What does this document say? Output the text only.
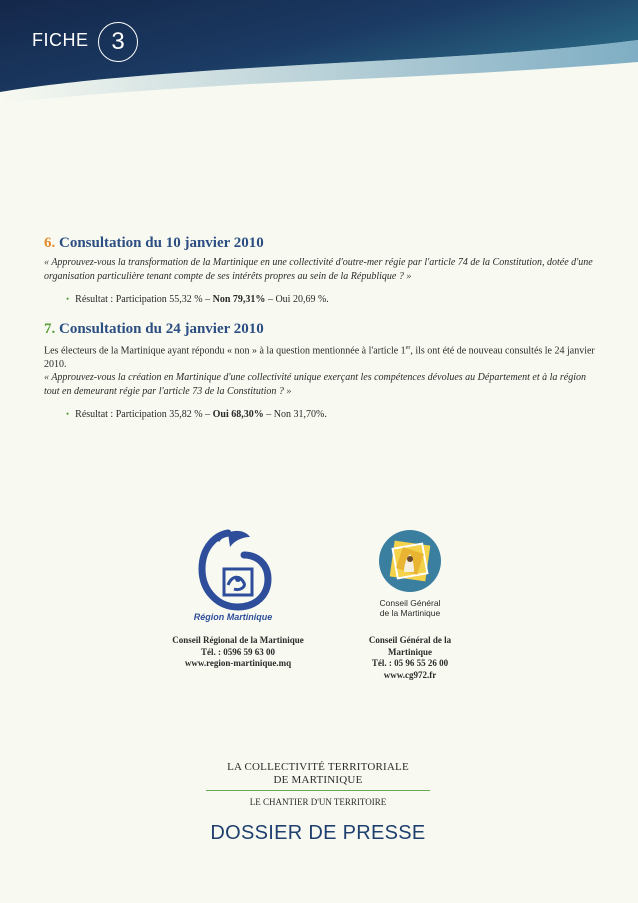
FICHE 3
6. Consultation du 10 janvier 2010

« Approuvez-vous la transformation de la Martinique en une collectivité d'outre-mer régie par l'article 74 de la Constitution, dotée d'une organisation particulière tenant compte de ses intérêts propres au sein de la République ? »

• Résultat : Participation 55,32 % – Non 79,31% – Oui 20,69 %.
7. Consultation du 24 janvier 2010

Les électeurs de la Martinique ayant répondu « non » à la question mentionnée à l'article 1er, ils ont été de nouveau consultés le 24 janvier 2010.

« Approuvez-vous la création en Martinique d'une collectivité unique exerçant les compétences dévolues au Département et à la région tout en demeurant régie par l'article 73 de la Constitution ? »

• Résultat : Participation 35,82 % – Oui 68,30% – Non 31,70%.
Région Martinique
Conseil Général
de la Martinique
Conseil Régional de la Martinique
Tél. : 0596 59 63 00
www.region-martinique.mq
Conseil Général de la Martinique
Tél. : 05 96 55 26 00
www.cg972.fr
LA COLLECTIVITÉ TERRITORIALE
DE MARTINIQUE
LE CHANTIER D'UN TERRITOIRE
DOSSIER DE PRESSE
